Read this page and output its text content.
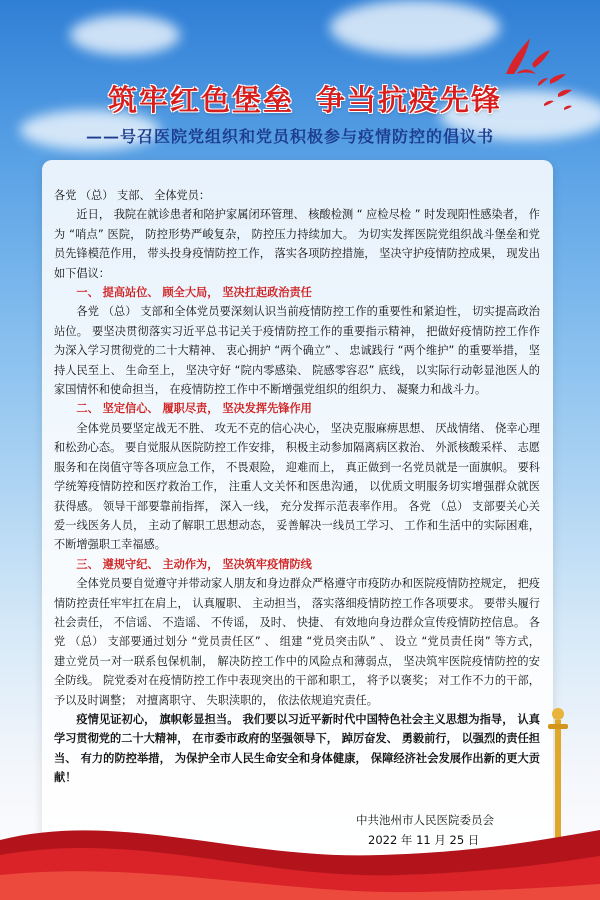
筑牢红色堡垒 争当抗疫先锋
——号召医院党组织和党员积极参与疫情防控的倡议书

各党 （总） 支部、 全体党员：

近日， 我院在就诊患者和陪护家属闭环管理、 核酸检测 “ 应检尽检 ” 时发现阳性感染者， 作为 “哨点” 医院， 防控形势严峻复杂， 防控压力持续加大。 为切实发挥医院党组织战斗堡垒和党员先锋模范作用， 带头投身疫情防控工作， 落实各项防控措施， 坚决守护疫情防控成果， 现发出如下倡议：

一、 提高站位、 顾全大局， 坚决扛起政治责任

各党 （总） 支部和全体党员要深刻认识当前疫情防控工作的重要性和紧迫性， 切实提高政治站位。 要坚决贯彻落实习近平总书记关于疫情防控工作的重要指示精神， 把做好疫情防控工作作为深入学习贯彻党的二十大精神、 衷心拥护 “两个确立” 、 忠诚践行 “两个维护” 的重要举措， 坚持人民至上、 生命至上， 坚决守好 “院内零感染、 院感零容忍” 底线， 以实际行动彰显池医人的家国情怀和使命担当， 在疫情防控工作中不断增强党组织的组织力、 凝聚力和战斗力。

二、 坚定信心、 履职尽责， 坚决发挥先锋作用

全体党员要坚定战无不胜、 攻无不克的信心决心， 坚决克服麻痹思想、 厌战情绪、 侥幸心理和松劲心态。 要自觉服从医院防控工作安排， 积极主动参加隔离病区救治、 外派核酸采样、 志愿服务和在岗值守等各项应急工作， 不畏艰险， 迎难而上， 真正做到一名党员就是一面旗帜。 要科学统筹疫情防控和医疗救治工作， 注重人文关怀和医患沟通， 以优质文明服务切实增强群众就医获得感。 领导干部要靠前指挥， 深入一线， 充分发挥示范表率作用。 各党 （总） 支部要关心关爱一线医务人员， 主动了解职工思想动态， 妥善解决一线员工学习、 工作和生活中的实际困难， 不断增强职工幸福感。

三、 遵规守纪、 主动作为， 坚决筑牢疫情防线

全体党员要自觉遵守并带动家人朋友和身边群众严格遵守市疫防办和医院疫情防控规定， 把疫情防控责任牢牢扛在肩上， 认真履职、 主动担当， 落实落细疫情防控工作各项要求。 要带头履行社会责任， 不信谣、 不造谣、 不传谣， 及时、 快捷、 有效地向身边群众宣传疫情防控信息。 各党 （总） 支部要通过划分 “党员责任区” 、 组建 “党员突击队” 、 设立 “党员责任岗” 等方式， 建立党员一对一联系包保机制， 解决防控工作中的风险点和薄弱点， 坚决筑牢医院疫情防控的安全防线。 院党委对在疫情防控工作中表现突出的干部和职工， 将予以褒奖； 对工作不力的干部， 予以及时调整； 对擅离职守、 失职渎职的， 依法依规追究责任。

疫情见证初心， 旗帜彰显担当。 我们要以习近平新时代中国特色社会主义思想为指导， 认真学习贯彻党的二十大精神， 在市委市政府的坚强领导下， 踔厉奋发、 勇毅前行， 以强烈的责任担当、 有力的防控举措， 为保护全市人民生命安全和身体健康， 保障经济社会发展作出新的更大贡献！

中共池州市人民医院委员会
2022 年 11 月 25 日
